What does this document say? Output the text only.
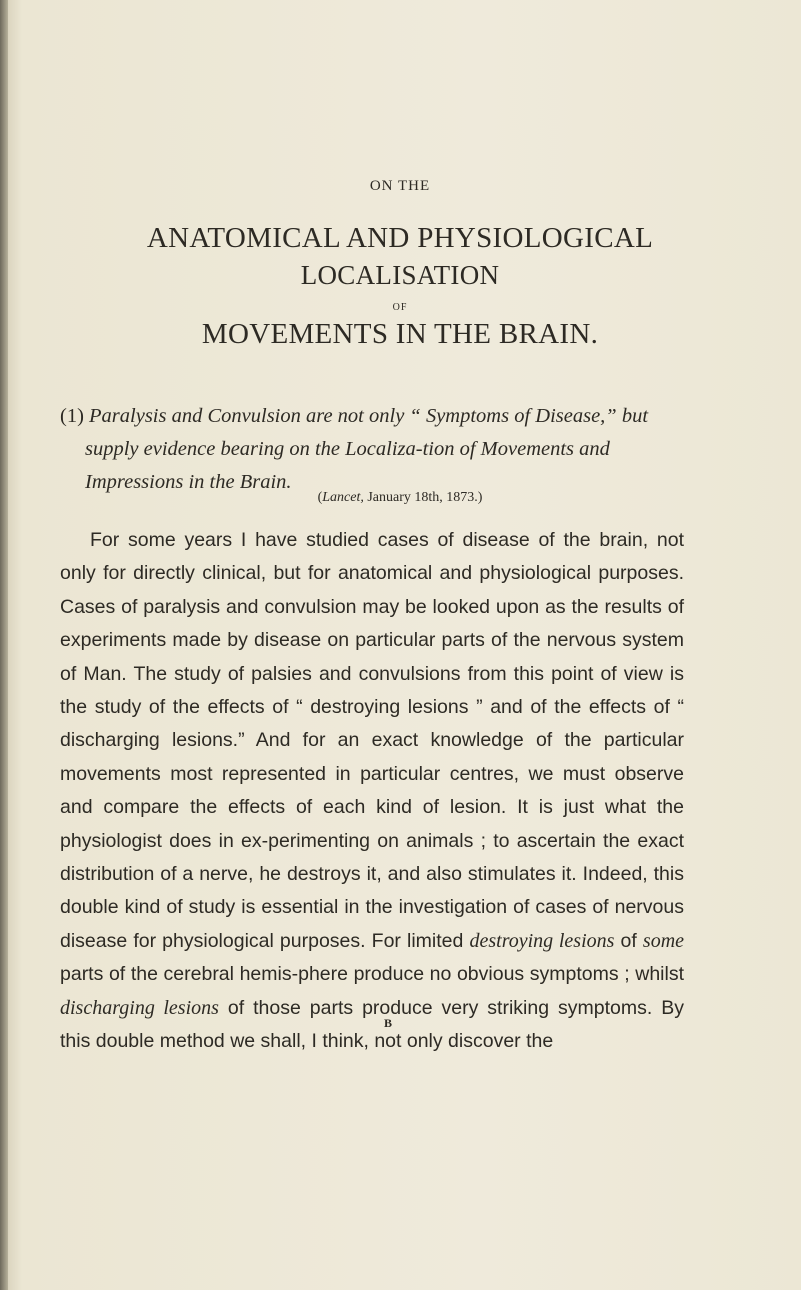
ON THE
ANATOMICAL AND PHYSIOLOGICAL
LOCALISATION
OF
MOVEMENTS IN THE BRAIN.
(1) Paralysis and Convulsion are not only “ Symptoms of Disease,” but supply evidence bearing on the Localiza-tion of Movements and Impressions in the Brain.
(Lancet, January 18th, 1873.)

For some years I have studied cases of disease of the brain, not only for directly clinical, but for anatomical and physiological purposes. Cases of paralysis and convulsion may be looked upon as the results of experiments made by disease on particular parts of the nervous system of Man. The study of palsies and convulsions from this point of view is the study of the effects of “ destroying lesions ” and of the effects of “ discharging lesions.” And for an exact knowledge of the particular movements most represented in particular centres, we must observe and compare the effects of each kind of lesion. It is just what the physiologist does in ex-perimenting on animals ; to ascertain the exact distribution of a nerve, he destroys it, and also stimulates it. Indeed, this double kind of study is essential in the investigation of cases of nervous disease for physiological purposes. For limited destroying lesions of some parts of the cerebral hemis-phere produce no obvious symptoms ; whilst discharging lesions of those parts produce very striking symptoms. By this double method we shall, I think, not only discover the

B
